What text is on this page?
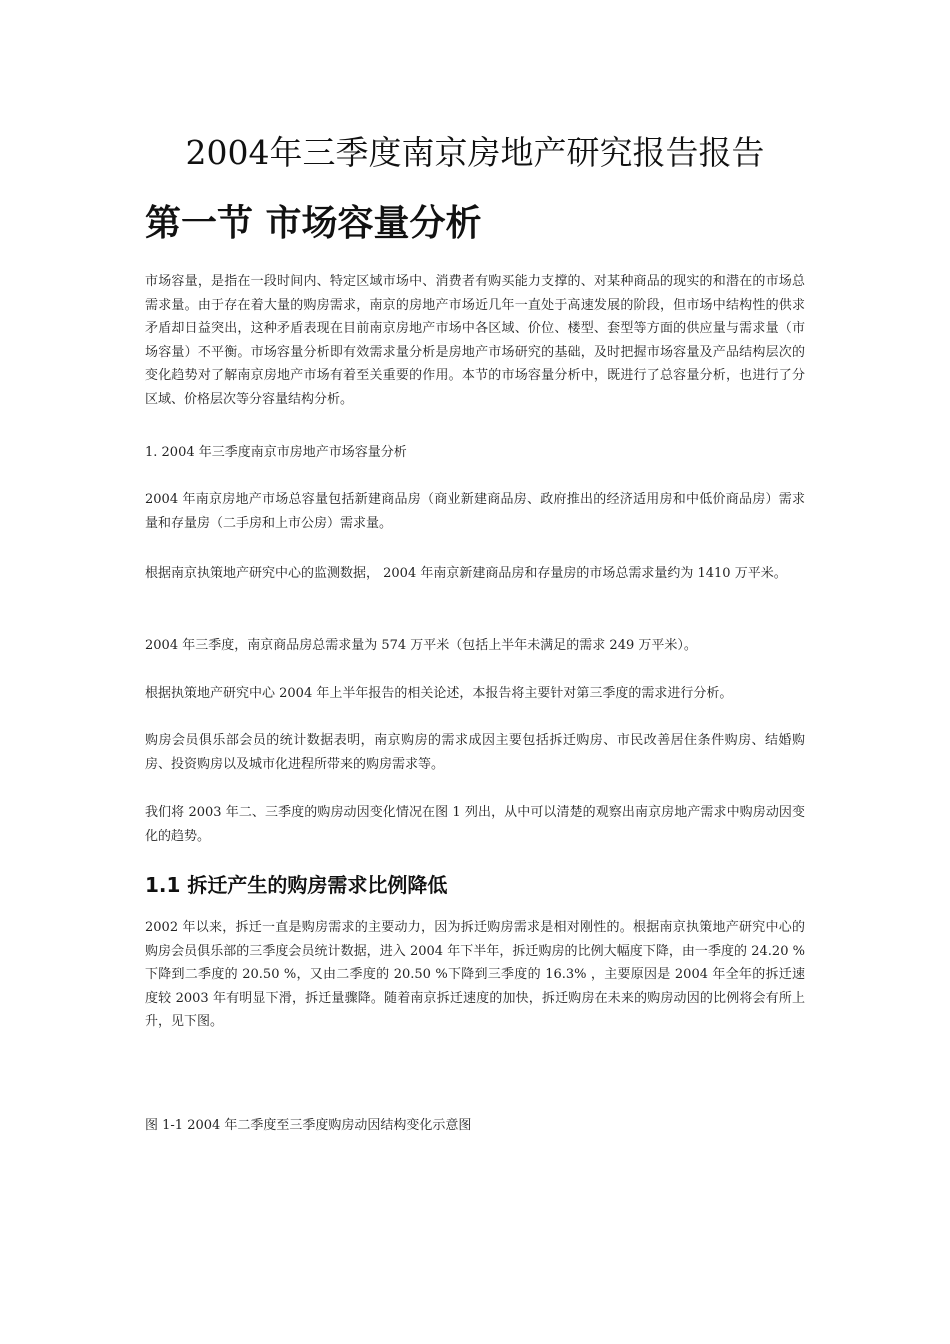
2004年三季度南京房地产研究报告报告
第一节 市场容量分析

市场容量，是指在一段时间内、特定区域市场中、消费者有购买能力支撑的、对某种商品的现实的和潜在的市场总需求量。由于存在着大量的购房需求，南京的房地产市场近几年一直处于高速发展的阶段，但市场中结构性的供求矛盾却日益突出，这种矛盾表现在目前南京房地产市场中各区域、价位、楼型、套型等方面的供应量与需求量（市场容量）不平衡。市场容量分析即有效需求量分析是房地产市场研究的基础，及时把握市场容量及产品结构层次的变化趋势对了解南京房地产市场有着至关重要的作用。本节的市场容量分析中，既进行了总容量分析，也进行了分区域、价格层次等分容量结构分析。

1. 2004 年三季度南京市房地产市场容量分析

2004 年南京房地产市场总容量包括新建商品房（商业新建商品房、政府推出的经济适用房和中低价商品房）需求量和存量房（二手房和上市公房）需求量。

根据南京执策地产研究中心的监测数据， 2004 年南京新建商品房和存量房的市场总需求量约为 1410 万平米。

2004 年三季度，南京商品房总需求量为 574 万平米（包括上半年未满足的需求 249 万平米）。

根据执策地产研究中心 2004 年上半年报告的相关论述，本报告将主要针对第三季度的需求进行分析。

购房会员俱乐部会员的统计数据表明，南京购房的需求成因主要包括拆迁购房、市民改善居住条件购房、结婚购房、投资购房以及城市化进程所带来的购房需求等。

我们将 2003 年二、三季度的购房动因变化情况在图 1 列出，从中可以清楚的观察出南京房地产需求中购房动因变化的趋势。

1.1 拆迁产生的购房需求比例降低

2002 年以来，拆迁一直是购房需求的主要动力，因为拆迁购房需求是相对刚性的。根据南京执策地产研究中心的购房会员俱乐部的三季度会员统计数据，进入 2004 年下半年，拆迁购房的比例大幅度下降，由一季度的 24.20 %下降到二季度的 20.50 %，又由二季度的 20.50 %下降到三季度的 16.3% ，主要原因是 2004 年全年的拆迁速度较 2003 年有明显下滑，拆迁量骤降。随着南京拆迁速度的加快，拆迁购房在未来的购房动因的比例将会有所上升，见下图。

图 1-1 2004 年二季度至三季度购房动因结构变化示意图
